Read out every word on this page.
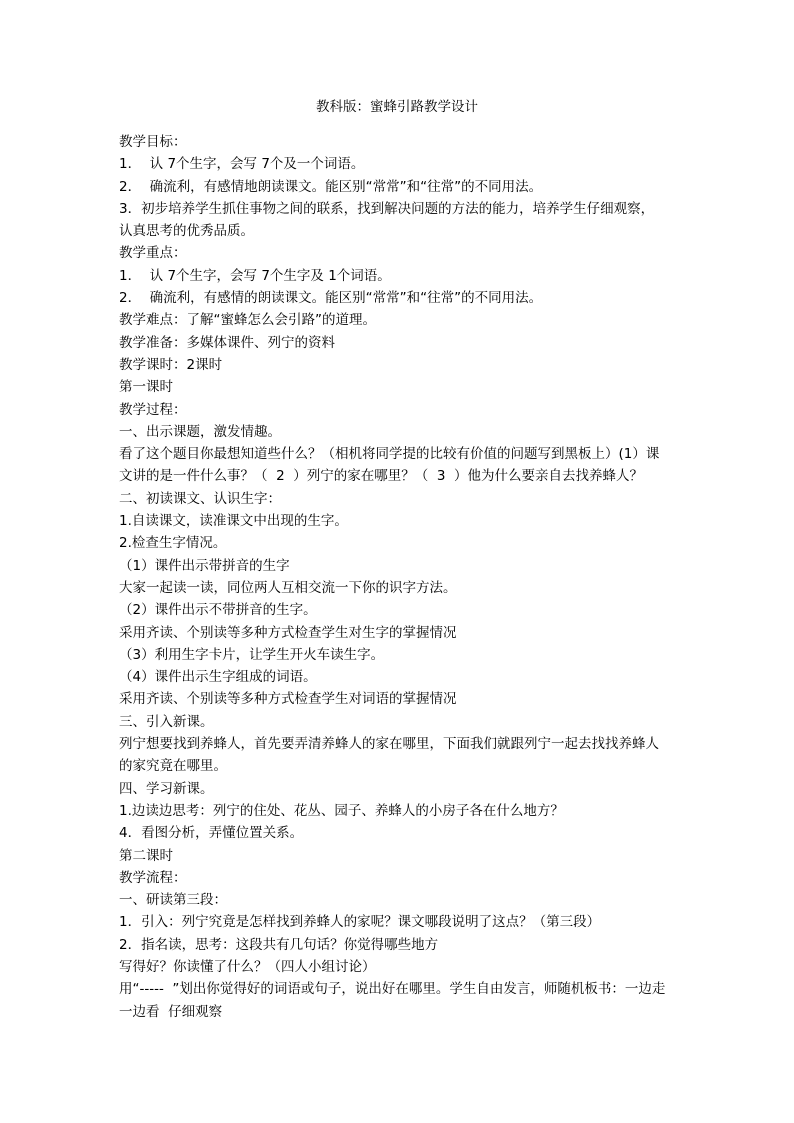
教科版：蜜蜂引路教学设计

教学目标：

1．  认 7个生字，会写 7个及一个词语。

2．  确流利，有感情地朗读课文。能区别“常常”和“往常”的不同用法。

3．初步培养学生抓住事物之间的联系，找到解决问题的方法的能力，培养学生仔细观察，

认真思考的优秀品质。

教学重点：

1．  认 7个生字，会写 7个生字及 1个词语。

2．  确流利，有感情的朗读课文。能区别“常常”和“往常”的不同用法。

教学难点：了解“蜜蜂怎么会引路”的道理。

教学准备：多媒体课件、列宁的资料

教学课时：2课时

第一课时

教学过程：

一、出示课题，激发情趣。

看了这个题目你最想知道些什么？（相机将同学提的比较有价值的问题写到黑板上）(1）课

文讲的是一件什么事？（  2  ）列宁的家在哪里？（  3  ）他为什么要亲自去找养蜂人？

二、初读课文、认识生字：

1.自读课文，读准课文中出现的生字。

2.检查生字情况。

（1）课件出示带拼音的生字

大家一起读一读，同位两人互相交流一下你的识字方法。

（2）课件出示不带拼音的生字。

采用齐读、个别读等多种方式检查学生对生字的掌握情况

（3）利用生字卡片，让学生开火车读生字。

（4）课件出示生字组成的词语。

采用齐读、个别读等多种方式检查学生对词语的掌握情况

三、引入新课。

列宁想要找到养蜂人，首先要弄清养蜂人的家在哪里，下面我们就跟列宁一起去找找养蜂人

的家究竟在哪里。

四、学习新课。

1.边读边思考：列宁的住处、花丛、园子、养蜂人的小房子各在什么地方？

4．看图分析，弄懂位置关系。

第二课时

教学流程：

一、研读第三段：

1．引入：列宁究竟是怎样找到养蜂人的家呢？课文哪段说明了这点？（第三段）

2．指名读，思考：这段共有几句话？你觉得哪些地方

写得好？你读懂了什么？（四人小组讨论）

用“-----  ”划出你觉得好的词语或句子，说出好在哪里。学生自由发言，师随机板书：一边走

一边看  仔细观察
